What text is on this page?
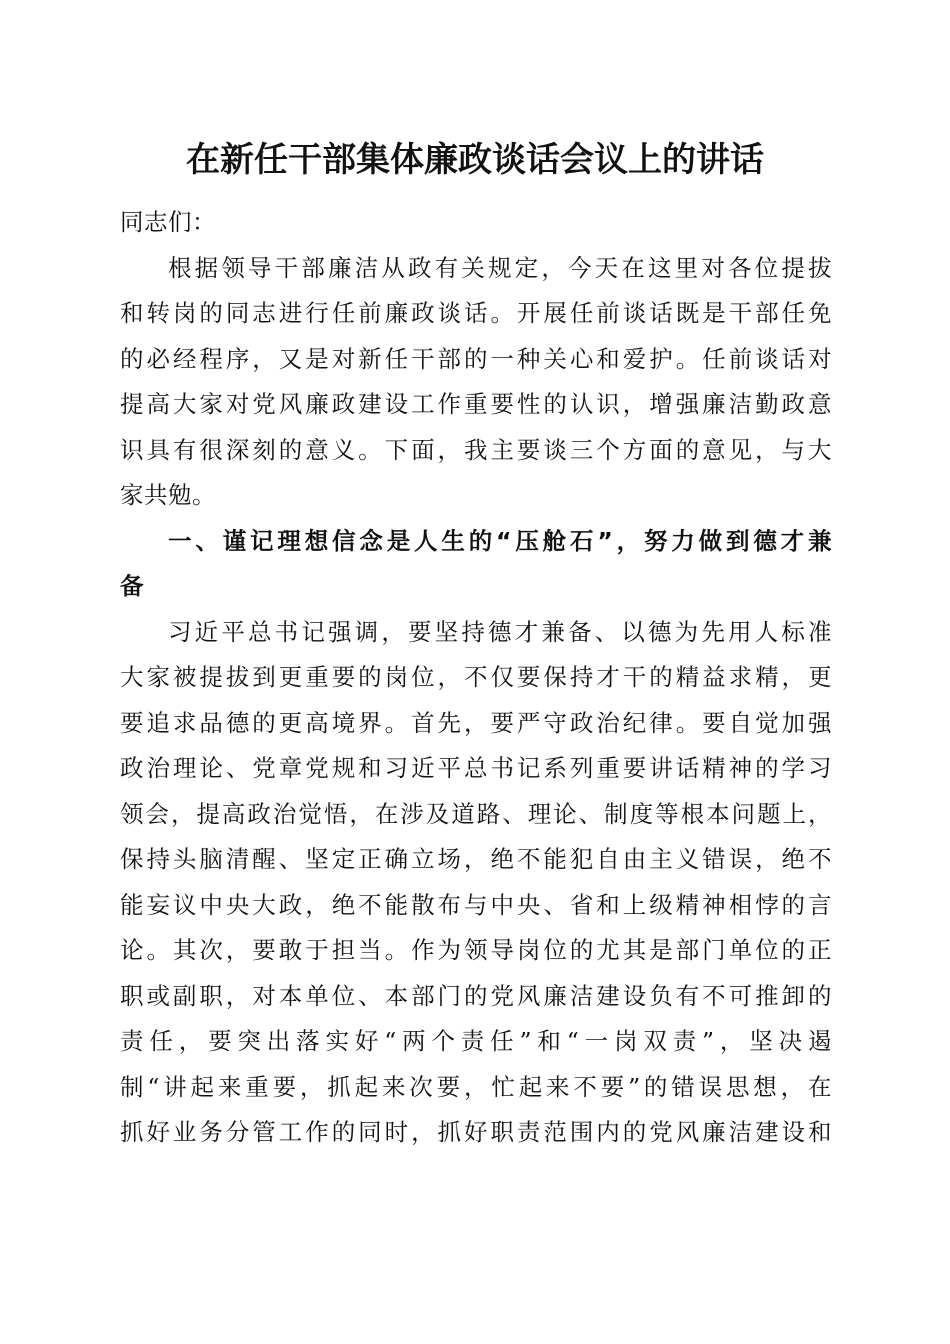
在新任干部集体廉政谈话会议上的讲话
同志们：
根据领导干部廉洁从政有关规定，今天在这里对各位提拔
和转岗的同志进行任前廉政谈话。开展任前谈话既是干部任免
的必经程序，又是对新任干部的一种关心和爱护。任前谈话对
提高大家对党风廉政建设工作重要性的认识，增强廉洁勤政意
识具有很深刻的意义。下面，我主要谈三个方面的意见，与大
家共勉。
一、谨记理想信念是人生的“压舱石”，努力做到德才兼
备
习近平总书记强调，要坚持德才兼备、以德为先用人标准
大家被提拔到更重要的岗位，不仅要保持才干的精益求精，更
要追求品德的更高境界。首先，要严守政治纪律。要自觉加强
政治理论、党章党规和习近平总书记系列重要讲话精神的学习
领会，提高政治觉悟，在涉及道路、理论、制度等根本问题上，
保持头脑清醒、坚定正确立场，绝不能犯自由主义错误，绝不
能妄议中央大政，绝不能散布与中央、省和上级精神相悖的言
论。其次，要敢于担当。作为领导岗位的尤其是部门单位的正
职或副职，对本单位、本部门的党风廉洁建设负有不可推卸的
责任，要突出落实好“两个责任”和“一岗双责”，坚决遏
制“讲起来重要，抓起来次要，忙起来不要”的错误思想，在
抓好业务分管工作的同时，抓好职责范围内的党风廉洁建设和
